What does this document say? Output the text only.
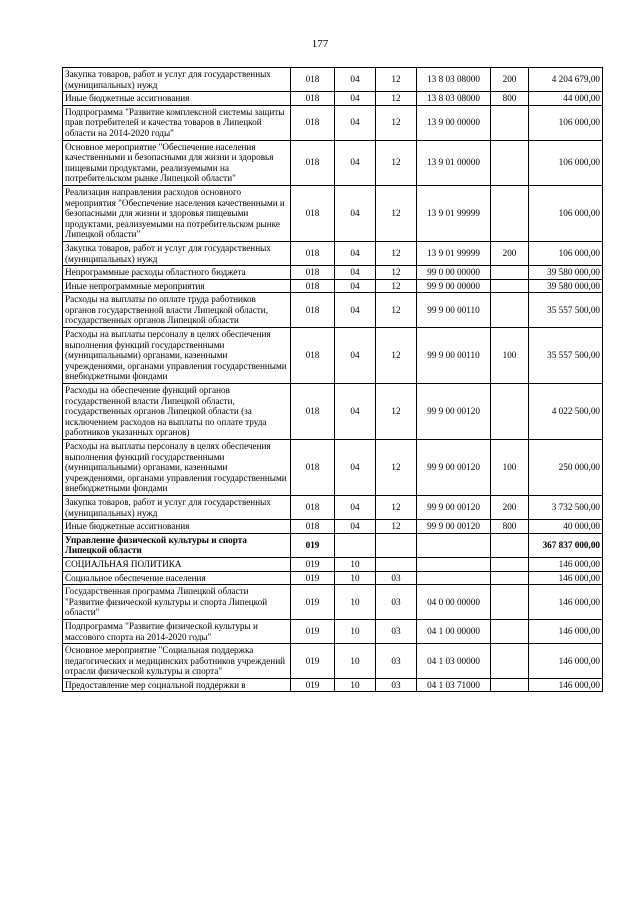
177
Закупка товаров, работ и услуг для государственных (муниципальных) нужд	018	04	12	13 8 03 08000	200	4 204 679,00
Иные бюджетные ассигнования	018	04	12	13 8 03 08000	800	44 000,00
Подпрограмма "Развитие комплексной системы защиты прав потребителей и качества товаров в Липецкой области на 2014-2020 годы"	018	04	12	13 9 00 00000		106 000,00
Основное мероприятие "Обеспечение населения качественными и безопасными для жизни и здоровья пищевыми продуктами, реализуемыми на потребительском рынке Липецкой области"	018	04	12	13 9 01 00000		106 000,00
Реализация направления расходов основного мероприятия "Обеспечение населения качественными и безопасными для жизни и здоровья пищевыми продуктами, реализуемыми на потребительском рынке Липецкой области"	018	04	12	13 9 01 99999		106 000,00
Закупка товаров, работ и услуг для государственных (муниципальных) нужд	018	04	12	13 9 01 99999	200	106 000,00
Непрограммные расходы областного бюджета	018	04	12	99 0 00 00000		39 580 000,00
Иные непрограммные мероприятия	018	04	12	99 9 00 00000		39 580 000,00
Расходы на выплаты по оплате труда работников органов государственной власти Липецкой области, государственных органов Липецкой области	018	04	12	99 9 00 00110		35 557 500,00
Расходы на выплаты персоналу в целях обеспечения выполнения функций государственными (муниципальными) органами, казенными учреждениями, органами управления государственными внебюджетными фондами	018	04	12	99 9 00 00110	100	35 557 500,00
Расходы на обеспечение функций органов государственной власти Липецкой области, государственных органов Липецкой области (за исключением расходов на выплаты по оплате труда работников указанных органов)	018	04	12	99 9 00 00120		4 022 500,00
Расходы на выплаты персоналу в целях обеспечения выполнения функций государственными (муниципальными) органами, казенными учреждениями, органами управления государственными внебюджетными фондами	018	04	12	99 9 00 00120	100	250 000,00
Закупка товаров, работ и услуг для государственных (муниципальных) нужд	018	04	12	99 9 00 00120	200	3 732 500,00
Иные бюджетные ассигнования	018	04	12	99 9 00 00120	800	40 000,00
Управление физической культуры и спорта Липецкой области	019					367 837 000,00
СОЦИАЛЬНАЯ ПОЛИТИКА	019	10				146 000,00
Социальное обеспечение населения	019	10	03			146 000,00
Государственная программа Липецкой области "Развитие физической культуры и спорта Липецкой области"	019	10	03	04 0 00 00000		146 000,00
Подпрограмма "Развитие физической культуры и массового спорта на 2014-2020 годы"	019	10	03	04 1 00 00000		146 000,00
Основное мероприятие "Социальная поддержка педагогических и медицинских работников учреждений отрасли физической культуры и спорта"	019	10	03	04 1 03 00000		146 000,00
Предоставление мер социальной поддержки в	019	10	03	04 1 03 71000		146 000,00
